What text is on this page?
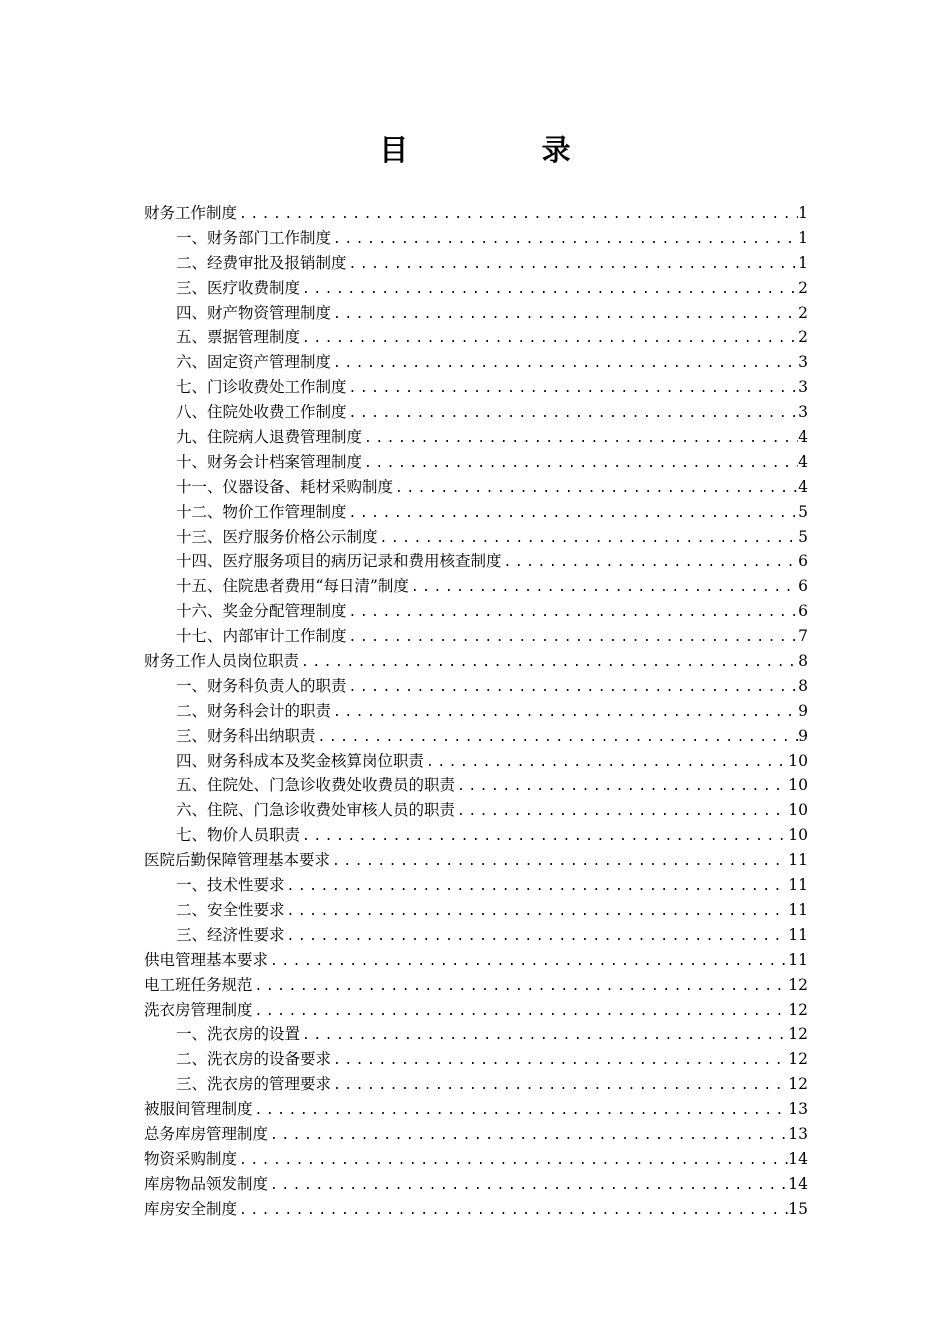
目　录
财务工作制度 .....	1
一、财务部门工作制度 .....	1
二、经费审批及报销制度 .....	1
三、医疗收费制度 .....	2
四、财产物资管理制度 .....	2
五、票据管理制度 .....	2
六、固定资产管理制度 .....	3
七、门诊收费处工作制度 .....	3
八、住院处收费工作制度 .....	3
九、住院病人退费管理制度 .....	4
十、财务会计档案管理制度 .....	4
十一、仪器设备、耗材采购制度 .....	4
十二、物价工作管理制度 .....	5
十三、医疗服务价格公示制度 .....	5
十四、医疗服务项目的病历记录和费用核查制度 .....	6
十五、住院患者费用“每日清”制度 .....	6
十六、奖金分配管理制度 .....	6
十七、内部审计工作制度 .....	7
财务工作人员岗位职责 .....	8
一、财务科负责人的职责 .....	8
二、财务科会计的职责 .....	9
三、财务科出纳职责 .....	9
四、财务科成本及奖金核算岗位职责 .....	10
五、住院处、门急诊收费处收费员的职责 .....	10
六、住院、门急诊收费处审核人员的职责 .....	10
七、物价人员职责 .....	10
医院后勤保障管理基本要求 .....	11
一、技术性要求 .....	11
二、安全性要求 .....	11
三、经济性要求 .....	11
供电管理基本要求 .....	11
电工班任务规范 .....	12
洗衣房管理制度 .....	12
一、洗衣房的设置 .....	12
二、洗衣房的设备要求 .....	12
三、洗衣房的管理要求 .....	12
被服间管理制度 .....	13
总务库房管理制度 .....	13
物资采购制度 .....	14
库房物品领发制度 .....	14
库房安全制度 .....	15
